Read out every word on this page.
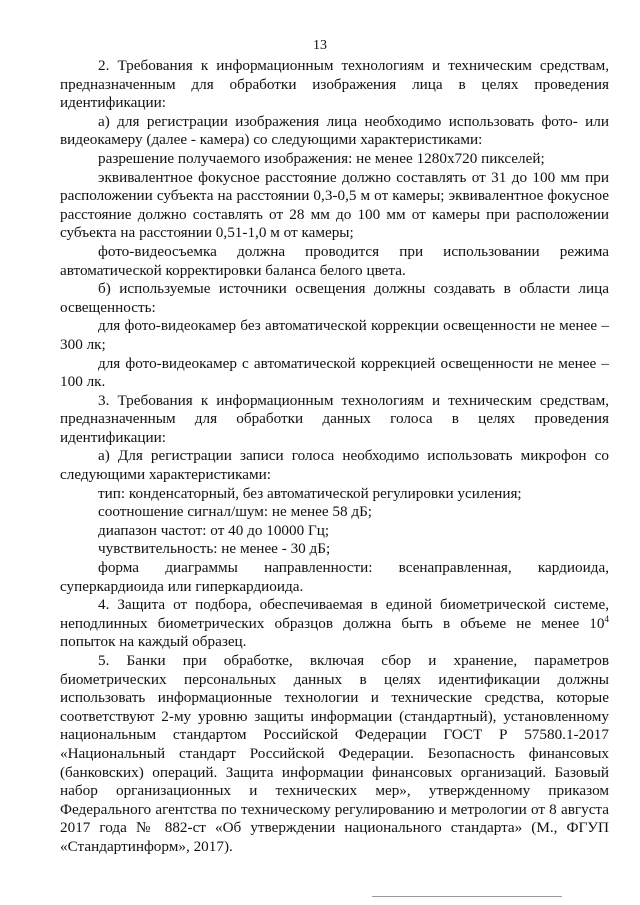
13

2. Требования к информационным технологиям и техническим средствам, предназначенным для обработки изображения лица в целях проведения идентификации:

а) для регистрации изображения лица необходимо использовать фото- или видеокамеру (далее - камера) со следующими характеристиками:

разрешение получаемого изображения: не менее 1280х720 пикселей;

эквивалентное фокусное расстояние должно составлять от 31 до 100 мм при расположении субъекта на расстоянии 0,3-0,5 м от камеры; эквивалентное фокусное расстояние должно составлять от 28 мм до 100 мм от камеры при расположении субъекта на расстоянии 0,51-1,0 м от камеры;

фото-видеосъемка должна проводится при использовании режима автоматической корректировки баланса белого цвета.

б) используемые источники освещения должны создавать в области лица освещенность:

для фото-видеокамер без автоматической коррекции освещенности не менее – 300 лк;

для фото-видеокамер с автоматической коррекцией освещенности не менее – 100 лк.

3. Требования к информационным технологиям и техническим средствам, предназначенным для обработки данных голоса в целях проведения идентификации:

а) Для регистрации записи голоса необходимо использовать микрофон со следующими характеристиками:

тип: конденсаторный, без автоматической регулировки усиления;

соотношение сигнал/шум: не менее 58 дБ;

диапазон частот: от 40 до 10000 Гц;

чувствительность: не менее - 30 дБ;

форма диаграммы направленности: всенаправленная, кардиоида, суперкардиоида или гиперкардиоида.

4. Защита от подбора, обеспечиваемая в единой биометрической системе, неподлинных биометрических образцов должна быть в объеме не менее $10^4$ попыток на каждый образец.

5. Банки при обработке, включая сбор и хранение, параметров биометрических персональных данных в целях идентификации должны использовать информационные технологии и технические средства, которые соответствуют 2-му уровню защиты информации (стандартный), установленному национальным стандартом Российской Федерации ГОСТ Р 57580.1-2017 «Национальный стандарт Российской Федерации. Безопасность финансовых (банковских) операций. Защита информации финансовых организаций. Базовый набор организационных и технических мер», утвержденному приказом Федерального агентства по техническому регулированию и метрологии от 8 августа 2017 года № 882-ст «Об утверждении национального стандарта» (М., ФГУП «Стандартинформ», 2017).
